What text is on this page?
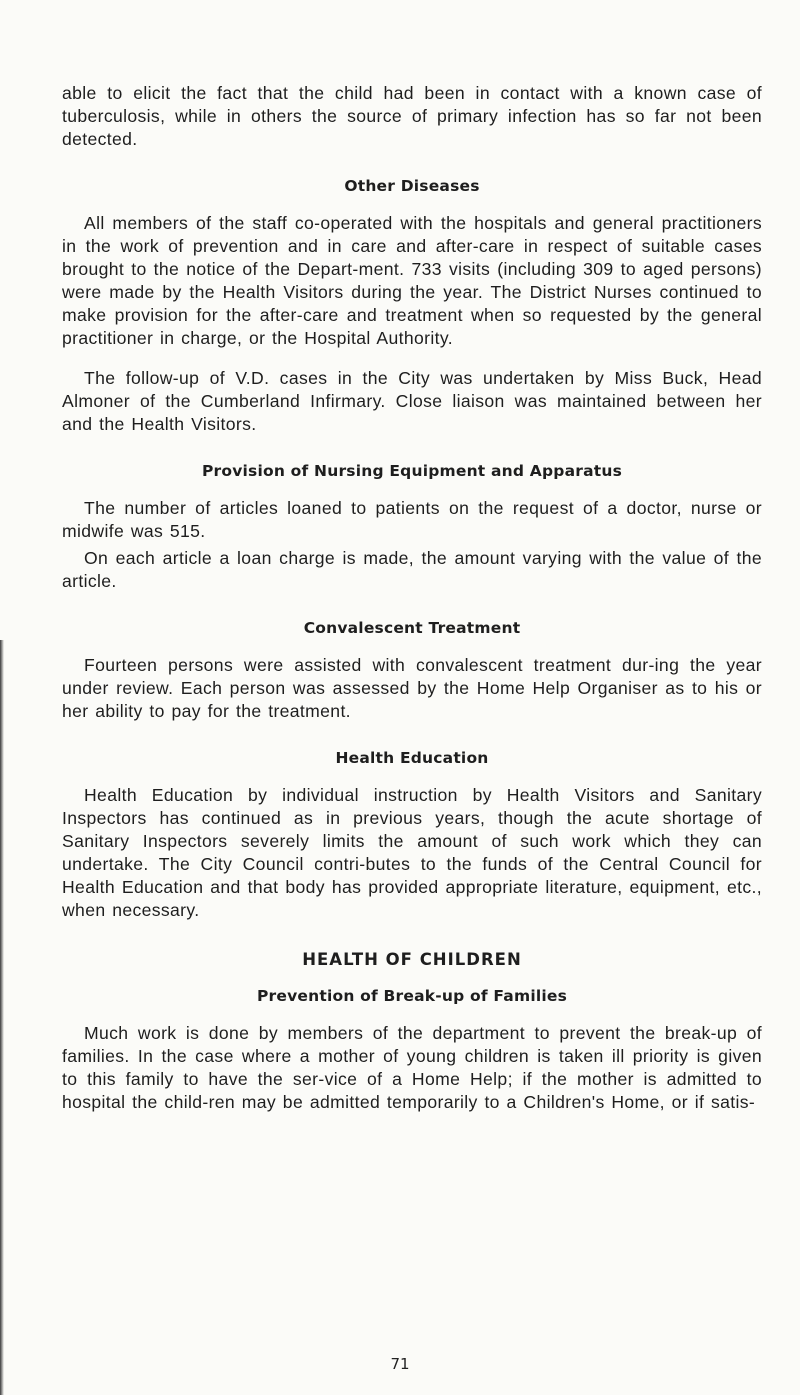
able to elicit the fact that the child had been in contact with a known case of tuberculosis, while in others the source of primary infection has so far not been detected.

Other Diseases

All members of the staff co-operated with the hospitals and general practitioners in the work of prevention and in care and after-care in respect of suitable cases brought to the notice of the Depart-ment. 733 visits (including 309 to aged persons) were made by the Health Visitors during the year. The District Nurses continued to make provision for the after-care and treatment when so requested by the general practitioner in charge, or the Hospital Authority.

The follow-up of V.D. cases in the City was undertaken by Miss Buck, Head Almoner of the Cumberland Infirmary. Close liaison was maintained between her and the Health Visitors.

Provision of Nursing Equipment and Apparatus

The number of articles loaned to patients on the request of a doctor, nurse or midwife was 515.

On each article a loan charge is made, the amount varying with the value of the article.

Convalescent Treatment

Fourteen persons were assisted with convalescent treatment dur-ing the year under review. Each person was assessed by the Home Help Organiser as to his or her ability to pay for the treatment.

Health Education

Health Education by individual instruction by Health Visitors and Sanitary Inspectors has continued as in previous years, though the acute shortage of Sanitary Inspectors severely limits the amount of such work which they can undertake. The City Council contri-butes to the funds of the Central Council for Health Education and that body has provided appropriate literature, equipment, etc., when necessary.

HEALTH OF CHILDREN
Prevention of Break-up of Families

Much work is done by members of the department to prevent the break-up of families. In the case where a mother of young children is taken ill priority is given to this family to have the ser-vice of a Home Help; if the mother is admitted to hospital the child-ren may be admitted temporarily to a Children's Home, or if satis-

71
